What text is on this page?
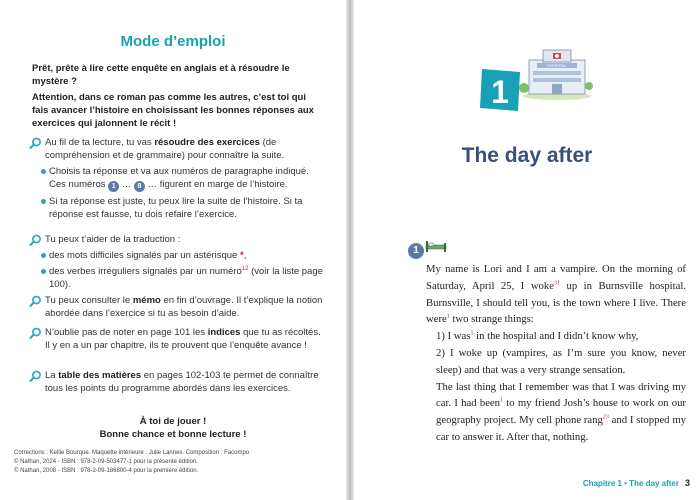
Mode d’emploi

Prêt, prête à lire cette enquête en anglais et à résoudre le mystère ?

Attention, dans ce roman pas comme les autres, c’est toi qui fais avancer l’histoire en choisissant les bonnes réponses aux exercices qui jalonnent le récit !

Au fil de ta lecture, tu vas résoudre des exercices (de compréhension et de grammaire) pour connaître la suite.
Choisis ta réponse et va aux numéros de paragraphe indiqué. Ces numéros 1 … 8 … figurent en marge de l’histoire.
Si ta réponse est juste, tu peux lire la suite de l’histoire. Si ta réponse est fausse, tu dois refaire l’exercice.
Tu peux t’aider de la traduction :
des mots difficiles signalés par un astérisque *,
des verbes irréguliers signalés par un numéro$^{12}$ (voir la liste page 100).
Tu peux consulter le mémo en fin d’ouvrage. Il t’explique la notion abordée dans l’exercice si tu as besoin d’aide.
N’oublie pas de noter en page 101 les indices que tu as récoltés. Il y en a un par chapitre, ils te prouvent que l’enquête avance !
La table des matières en pages 102-103 te permet de connaître tous les points du programme abordés dans les exercices.
À toi de jouer !
Bonne chance et bonne lecture !
Corrections : Kellie Bourque. Maquette intérieure : Julie Lannes. Composition : Facompo
© Nathan, 2024 - ISBN : 978-2-09-503477-1 pour la présente édition.
© Nathan, 2008 - ISBN : 978-2-09-186800-4 pour la première édition.
HOSPITAL
1
The day after
1

My name is Lori and I am a vampire. On the morning of Saturday, April 25, I woke$^{31}$ up in Burnsville hospital. Burnsville, I should tell you, is the town where I live. There were$^1$ two strange things:

1) I was$^1$ in the hospital and I didn’t know why,

2) I woke up (vampires, as I’m sure you know, never sleep) and that was a very strange sensation.

The last thing that I remember was that I was driving my car. I had been$^1$ to my friend Josh’s house to work on our geography project. My cell phone rang$^{23}$ and I stopped my car to answer it. After that, nothing.

Chapitre 1 • The day after 3
